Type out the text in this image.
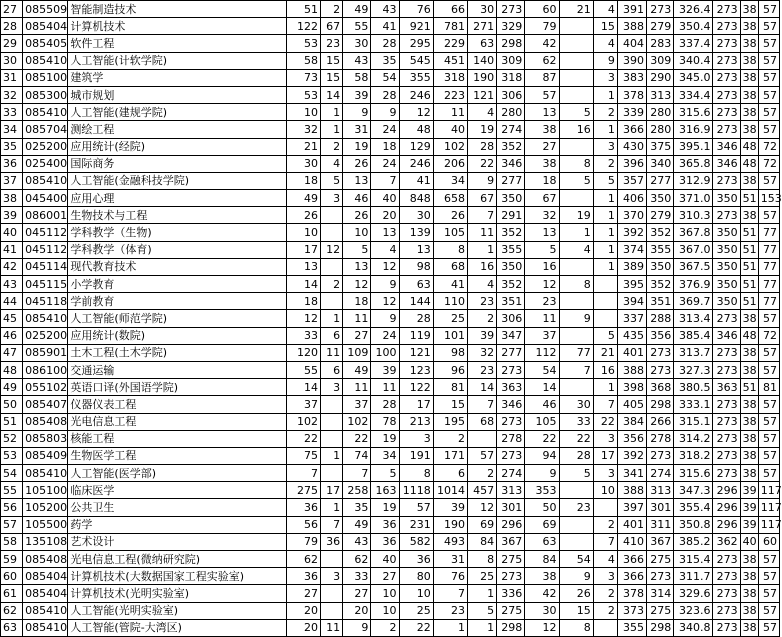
27	085509	智能制造技术	51	2	49	43	76	66	30	273	60	21	4	391	273	326.4	273	38	57
28	085404	计算机技术	122	67	55	41	921	781	271	329	79		15	388	279	350.4	273	38	57
29	085405	软件工程	53	23	30	28	295	229	63	298	42		4	404	283	337.4	273	38	57
30	085410	人工智能(计软学院)	58	15	43	35	545	451	140	309	62		9	390	309	340.4	273	38	57
31	085100	建筑学	73	15	58	54	355	318	190	318	87		3	383	290	345.0	273	38	57
32	085300	城市规划	53	14	39	28	246	223	121	306	57		1	378	313	334.4	273	38	57
33	085410	人工智能(建规学院)	10	1	9	9	12	11	4	280	13	5	2	339	280	315.6	273	38	57
34	085704	测绘工程	32	1	31	24	48	40	19	274	38	16	1	366	280	316.9	273	38	57
35	025200	应用统计(经院)	21	2	19	18	129	102	28	352	27		3	430	375	395.1	346	48	72
36	025400	国际商务	30	4	26	24	246	206	22	346	38	8	2	396	340	365.8	346	48	72
37	085410	人工智能(金融科技学院)	18	5	13	7	41	34	9	277	18	5	5	357	277	312.9	273	38	57
38	045400	应用心理	49	3	46	40	848	658	67	350	67		1	406	350	371.0	350	51	153
39	086001	生物技术与工程	26		26	20	30	26	7	291	32	19	1	370	279	310.3	273	38	57
40	045112	学科教学（生物)	10		10	13	139	105	11	352	13	1	1	392	352	367.8	350	51	77
41	045112	学科教学（体育)	17	12	5	4	13	8	1	355	5	4	1	374	355	367.0	350	51	77
42	045114	现代教育技术	13		13	12	98	68	16	350	16		1	389	350	367.5	350	51	77
43	045115	小学教育	14	2	12	9	63	41	4	352	12	8		395	352	376.9	350	51	77
44	045118	学前教育	18		18	12	144	110	23	351	23			394	351	369.7	350	51	77
45	085410	人工智能(师范学院)	12	1	11	9	28	25	2	306	11	9		337	288	313.4	273	38	57
46	025200	应用统计(数院)	33	6	27	24	119	101	39	347	37		5	435	356	385.4	346	48	72
47	085901	土木工程(土木学院)	120	11	109	100	121	98	32	277	112	77	21	401	273	313.7	273	38	57
48	086100	交通运输	55	6	49	39	123	96	23	273	54	7	16	388	273	327.3	273	38	57
49	055102	英语口译(外国语学院)	14	3	11	11	122	81	14	363	14		1	398	368	380.5	363	51	81
50	085407	仪器仪表工程	37		37	28	17	15	7	346	46	30	7	405	298	333.1	273	38	57
51	085408	光电信息工程	102		102	78	213	195	68	273	105	33	22	384	266	315.1	273	38	57
52	085803	核能工程	22		22	19	3	2		278	22	22	3	356	278	314.2	273	38	57
53	085409	生物医学工程	75	1	74	34	191	171	57	273	94	28	17	392	273	318.2	273	38	57
54	085410	人工智能(医学部)	7		7	5	8	6	2	274	9	5	3	341	274	315.6	273	38	57
55	105100	临床医学	275	17	258	163	1118	1014	457	313	353		10	388	313	347.3	296	39	117
56	105200	公共卫生	36	1	35	19	57	39	12	301	50	23		397	301	355.4	296	39	117
57	105500	药学	56	7	49	36	231	190	69	296	69		2	401	311	350.8	296	39	117
58	135108	艺术设计	79	36	43	36	582	493	84	367	63		7	410	367	385.2	362	40	60
59	085408	光电信息工程(微纳研究院)	62		62	40	36	31	8	275	84	54	4	366	275	315.4	273	38	57
60	085404	计算机技术(大数据国家工程实验室)	36	3	33	27	80	76	25	273	38	9	3	366	273	311.7	273	38	57
61	085404	计算机技术(光明实验室)	27		27	10	10	7	1	336	42	26	2	378	314	329.6	273	38	57
62	085410	人工智能(光明实验室)	20		20	10	25	23	5	275	30	15	2	373	275	323.6	273	38	57
63	085410	人工智能(管院-大湾区)	20	11	9	2	22	1	1	298	12	8		355	298	340.8	273	38	57
